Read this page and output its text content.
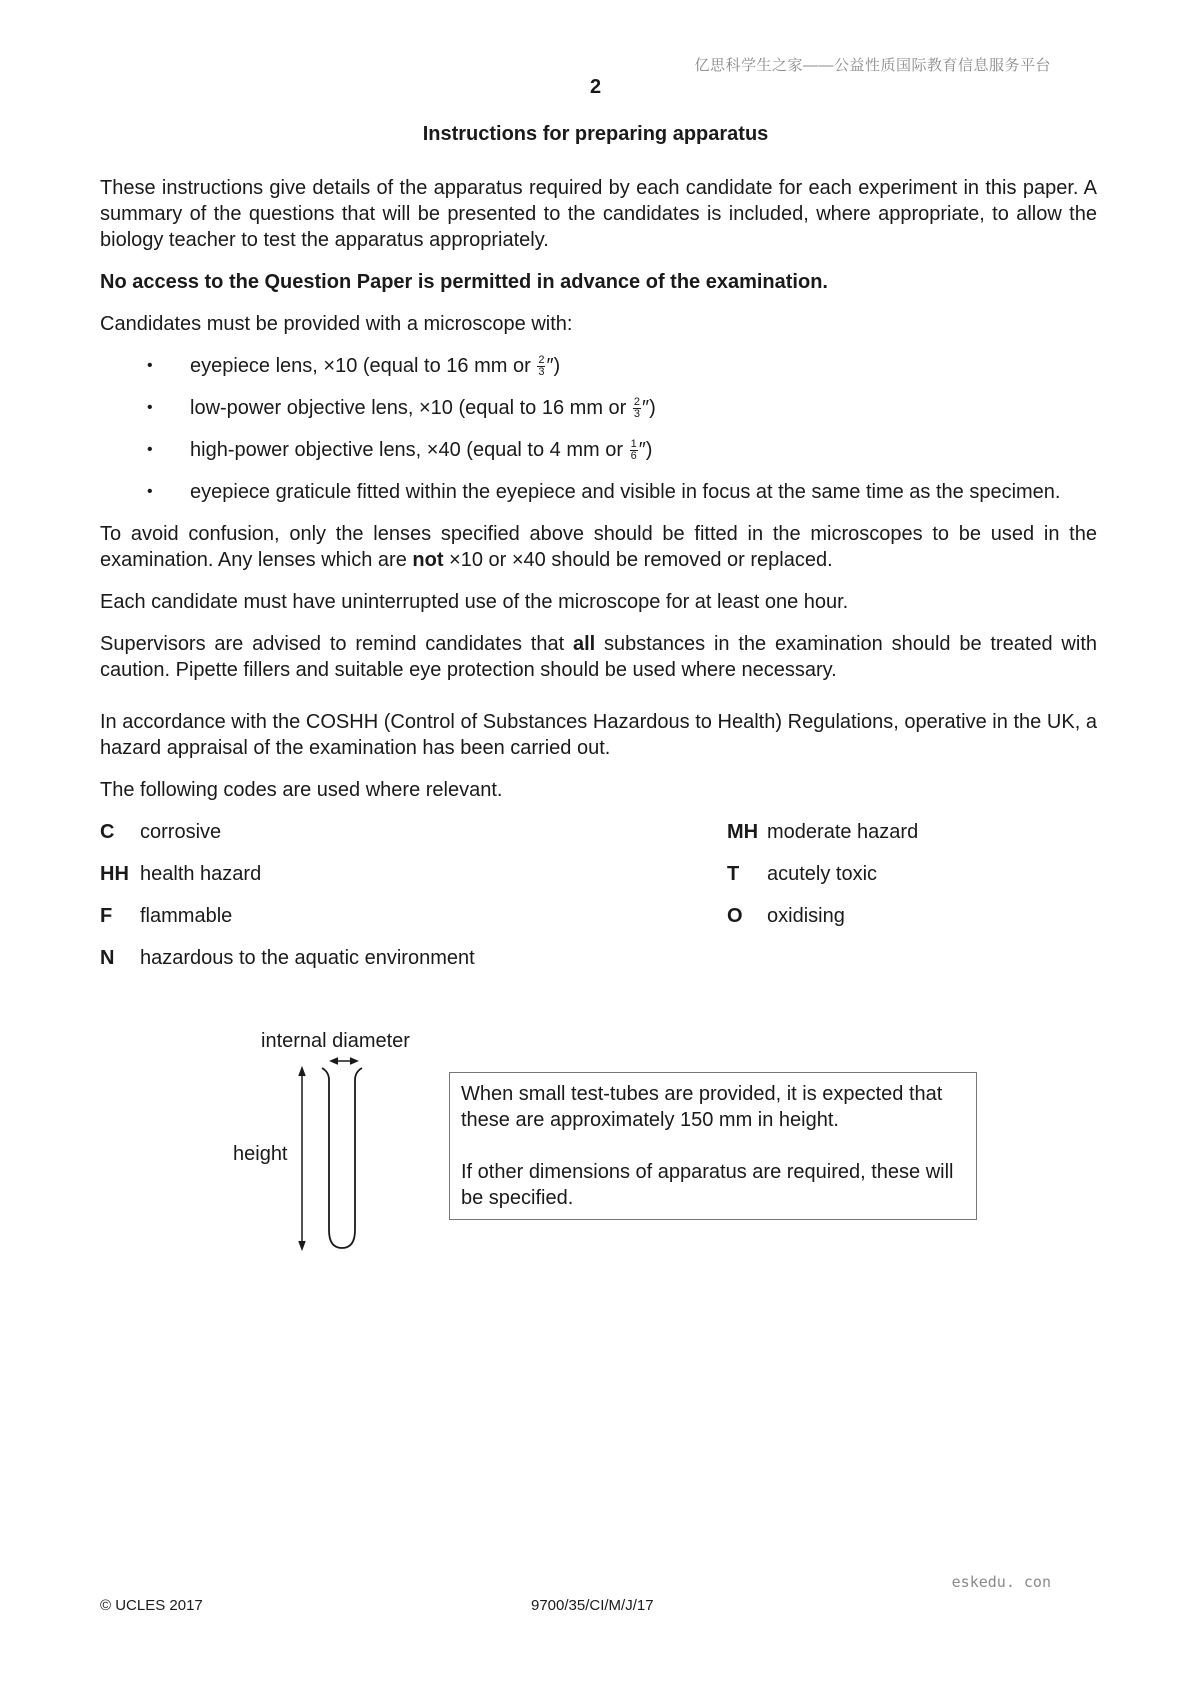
亿思科学生之家——公益性质国际教育信息服务平台
2
Instructions for preparing apparatus

These instructions give details of the apparatus required by each candidate for each experiment in this paper. A summary of the questions that will be presented to the candidates is included, where appropriate, to allow the biology teacher to test the apparatus appropriately.

No access to the Question Paper is permitted in advance of the examination.

Candidates must be provided with a microscope with:

• eyepiece lens, ×10 (equal to 16 mm or $\frac{2}{3}$ ″)
• low-power objective lens, ×10 (equal to 16 mm or $\frac{2}{3}$ ″)
• high-power objective lens, ×40 (equal to 4 mm or $\frac{1}{6}$ ″)
• eyepiece graticule fitted within the eyepiece and visible in focus at the same time as the specimen.

To avoid confusion, only the lenses specified above should be fitted in the microscopes to be used in the examination. Any lenses which are not ×10 or ×40 should be removed or replaced.

Each candidate must have uninterrupted use of the microscope for at least one hour.

Supervisors are advised to remind candidates that all substances in the examination should be treated with caution. Pipette fillers and suitable eye protection should be used where necessary.

In accordance with the COSHH (Control of Substances Hazardous to Health) Regulations, operative in the UK, a hazard appraisal of the examination has been carried out.

The following codes are used where relevant.

C	corrosive	MH moderate hazard
HH health hazard	T	acutely toxic
F	flammable	O	oxidising
N	hazardous to the aquatic environment
internal diameter
height

When small test-tubes are provided, it is expected that these are approximately 150 mm in height.

If other dimensions of apparatus are required, these will be specified.

eskedu. con
© UCLES 2017	9700/35/CI/M/J/17
